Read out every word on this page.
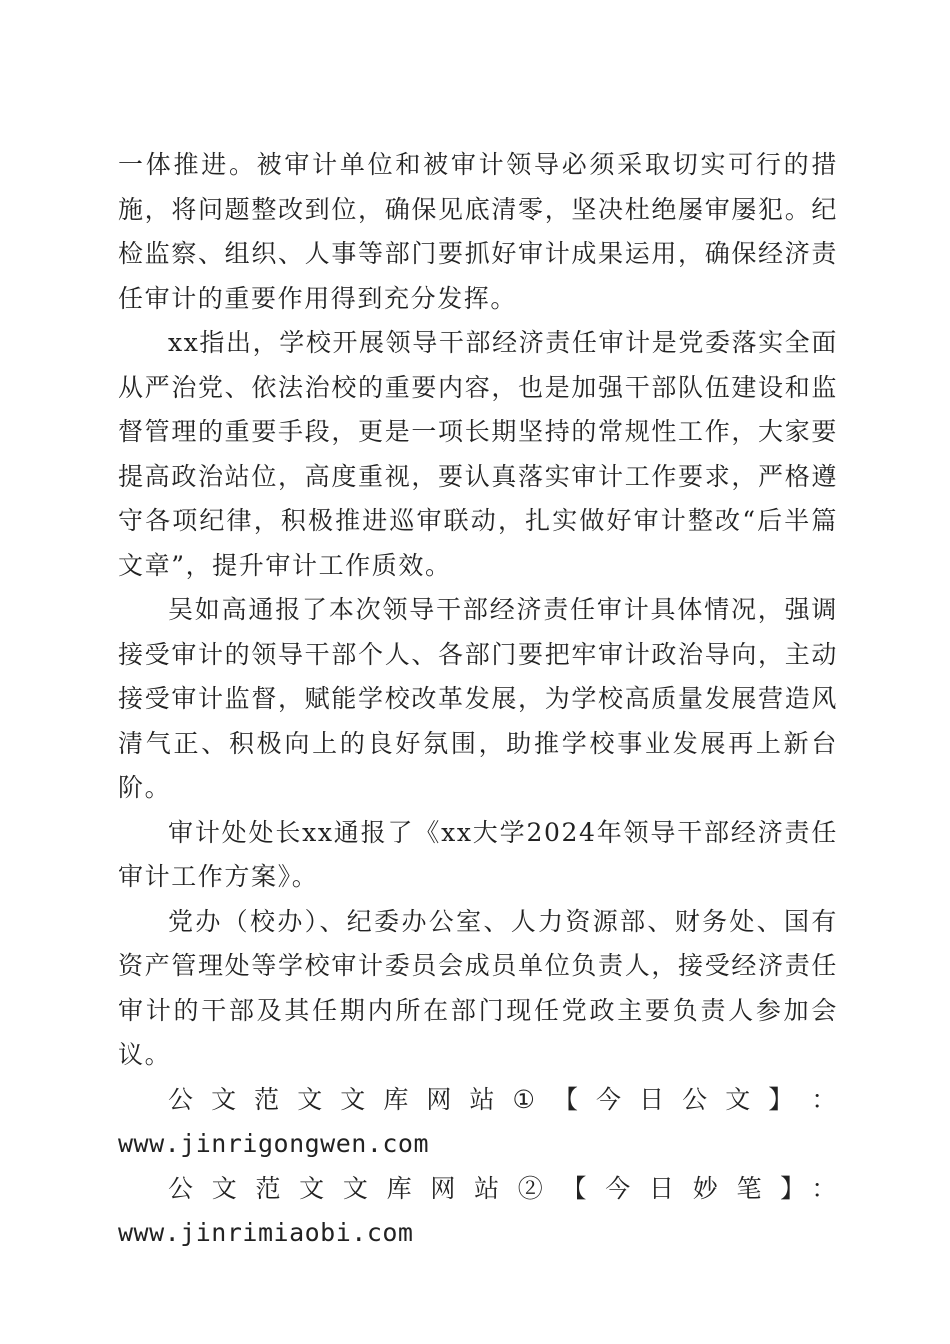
一体推进。被审计单位和被审计领导必须采取切实可行的措施，将问题整改到位，确保见底清零，坚决杜绝屡审屡犯。纪检监察、组织、人事等部门要抓好审计成果运用，确保经济责任审计的重要作用得到充分发挥。

xx指出，学校开展领导干部经济责任审计是党委落实全面从严治党、依法治校的重要内容，也是加强干部队伍建设和监督管理的重要手段，更是一项长期坚持的常规性工作，大家要提高政治站位，高度重视，要认真落实审计工作要求，严格遵守各项纪律，积极推进巡审联动，扎实做好审计整改“后半篇文章”，提升审计工作质效。

吴如高通报了本次领导干部经济责任审计具体情况，强调接受审计的领导干部个人、各部门要把牢审计政治导向，主动接受审计监督，赋能学校改革发展，为学校高质量发展营造风清气正、积极向上的良好氛围，助推学校事业发展再上新台阶。

审计处处长xx通报了《xx大学2024年领导干部经济责任审计工作方案》。

党办（校办）、纪委办公室、人力资源部、财务处、国有资产管理处等学校审计委员会成员单位负责人，接受经济责任审计的干部及其任期内所在部门现任党政主要负责人参加会议。

公 文 范 文 文 库 网 站 ① 【 今 日 公 文 】 ：

www.jinrigongwen.com

公文范文文库网站②【今日妙笔】：www.jinrimiaobi.com
